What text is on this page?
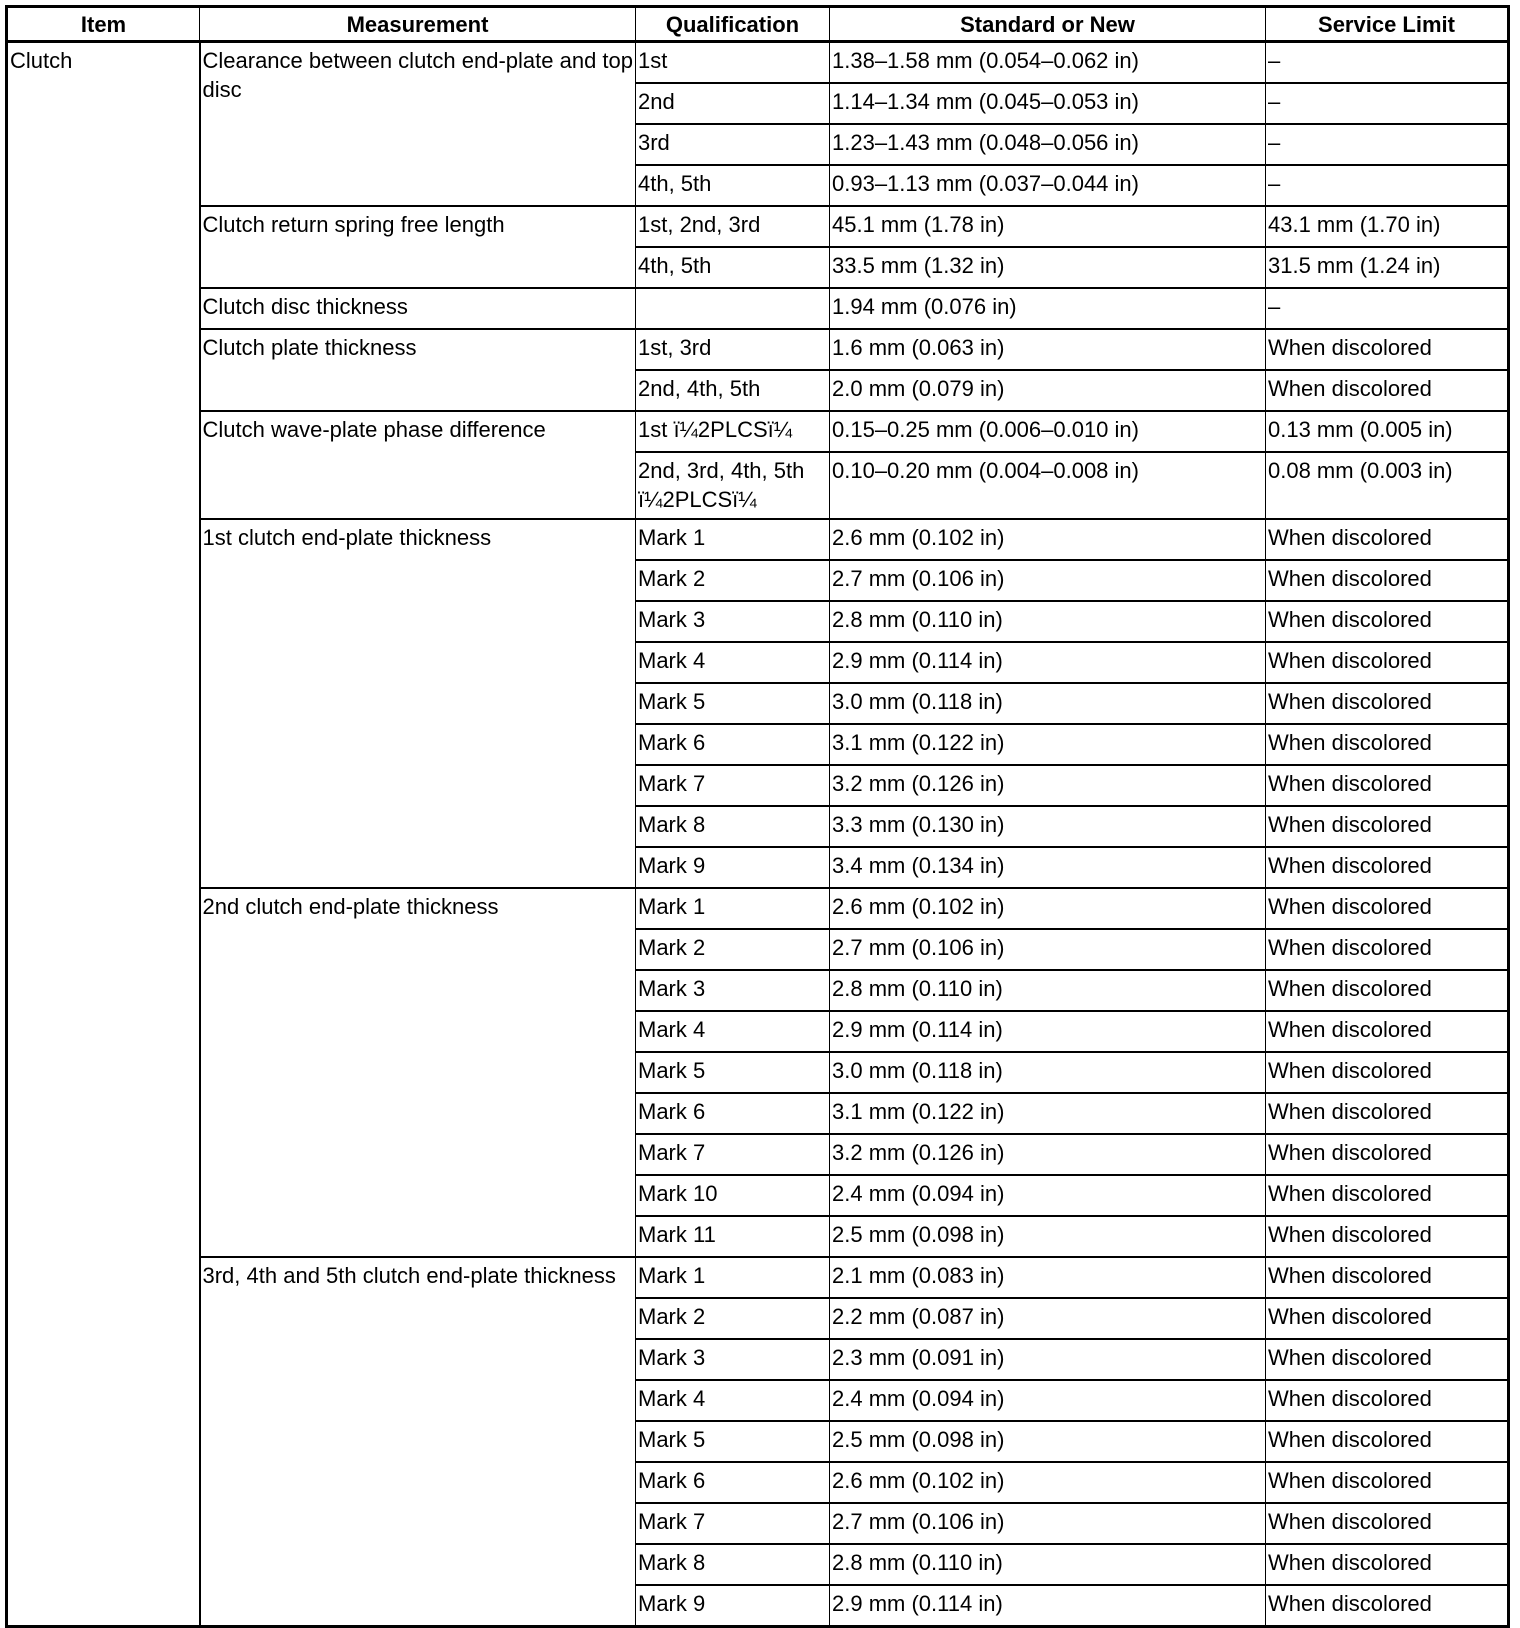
Item	Measurement	Qualification	Standard or New	Service Limit
Clutch	Clearance between clutch end-plate and top disc	1st	1.38–1.58 mm (0.054–0.062 in)	–
		2nd	1.14–1.34 mm (0.045–0.053 in)	–
		3rd	1.23–1.43 mm (0.048–0.056 in)	–
		4th, 5th	0.93–1.13 mm (0.037–0.044 in)	–
	Clutch return spring free length	1st, 2nd, 3rd	45.1 mm (1.78 in)	43.1 mm (1.70 in)
		4th, 5th	33.5 mm (1.32 in)	31.5 mm (1.24 in)
	Clutch disc thickness		1.94 mm (0.076 in)	–
	Clutch plate thickness	1st, 3rd	1.6 mm (0.063 in)	When discolored
		2nd, 4th, 5th	2.0 mm (0.079 in)	When discolored
	Clutch wave-plate phase difference	1st ï¼2PLCSï¼	0.15–0.25 mm (0.006–0.010 in)	0.13 mm (0.005 in)
		2nd, 3rd, 4th, 5th ï¼2PLCSï¼	0.10–0.20 mm (0.004–0.008 in)	0.08 mm (0.003 in)
	1st clutch end-plate thickness	Mark 1	2.6 mm (0.102 in)	When discolored
		Mark 2	2.7 mm (0.106 in)	When discolored
		Mark 3	2.8 mm (0.110 in)	When discolored
		Mark 4	2.9 mm (0.114 in)	When discolored
		Mark 5	3.0 mm (0.118 in)	When discolored
		Mark 6	3.1 mm (0.122 in)	When discolored
		Mark 7	3.2 mm (0.126 in)	When discolored
		Mark 8	3.3 mm (0.130 in)	When discolored
		Mark 9	3.4 mm (0.134 in)	When discolored
	2nd clutch end-plate thickness	Mark 1	2.6 mm (0.102 in)	When discolored
		Mark 2	2.7 mm (0.106 in)	When discolored
		Mark 3	2.8 mm (0.110 in)	When discolored
		Mark 4	2.9 mm (0.114 in)	When discolored
		Mark 5	3.0 mm (0.118 in)	When discolored
		Mark 6	3.1 mm (0.122 in)	When discolored
		Mark 7	3.2 mm (0.126 in)	When discolored
		Mark 10	2.4 mm (0.094 in)	When discolored
		Mark 11	2.5 mm (0.098 in)	When discolored
	3rd, 4th and 5th clutch end-plate thickness	Mark 1	2.1 mm (0.083 in)	When discolored
		Mark 2	2.2 mm (0.087 in)	When discolored
		Mark 3	2.3 mm (0.091 in)	When discolored
		Mark 4	2.4 mm (0.094 in)	When discolored
		Mark 5	2.5 mm (0.098 in)	When discolored
		Mark 6	2.6 mm (0.102 in)	When discolored
		Mark 7	2.7 mm (0.106 in)	When discolored
		Mark 8	2.8 mm (0.110 in)	When discolored
		Mark 9	2.9 mm (0.114 in)	When discolored
